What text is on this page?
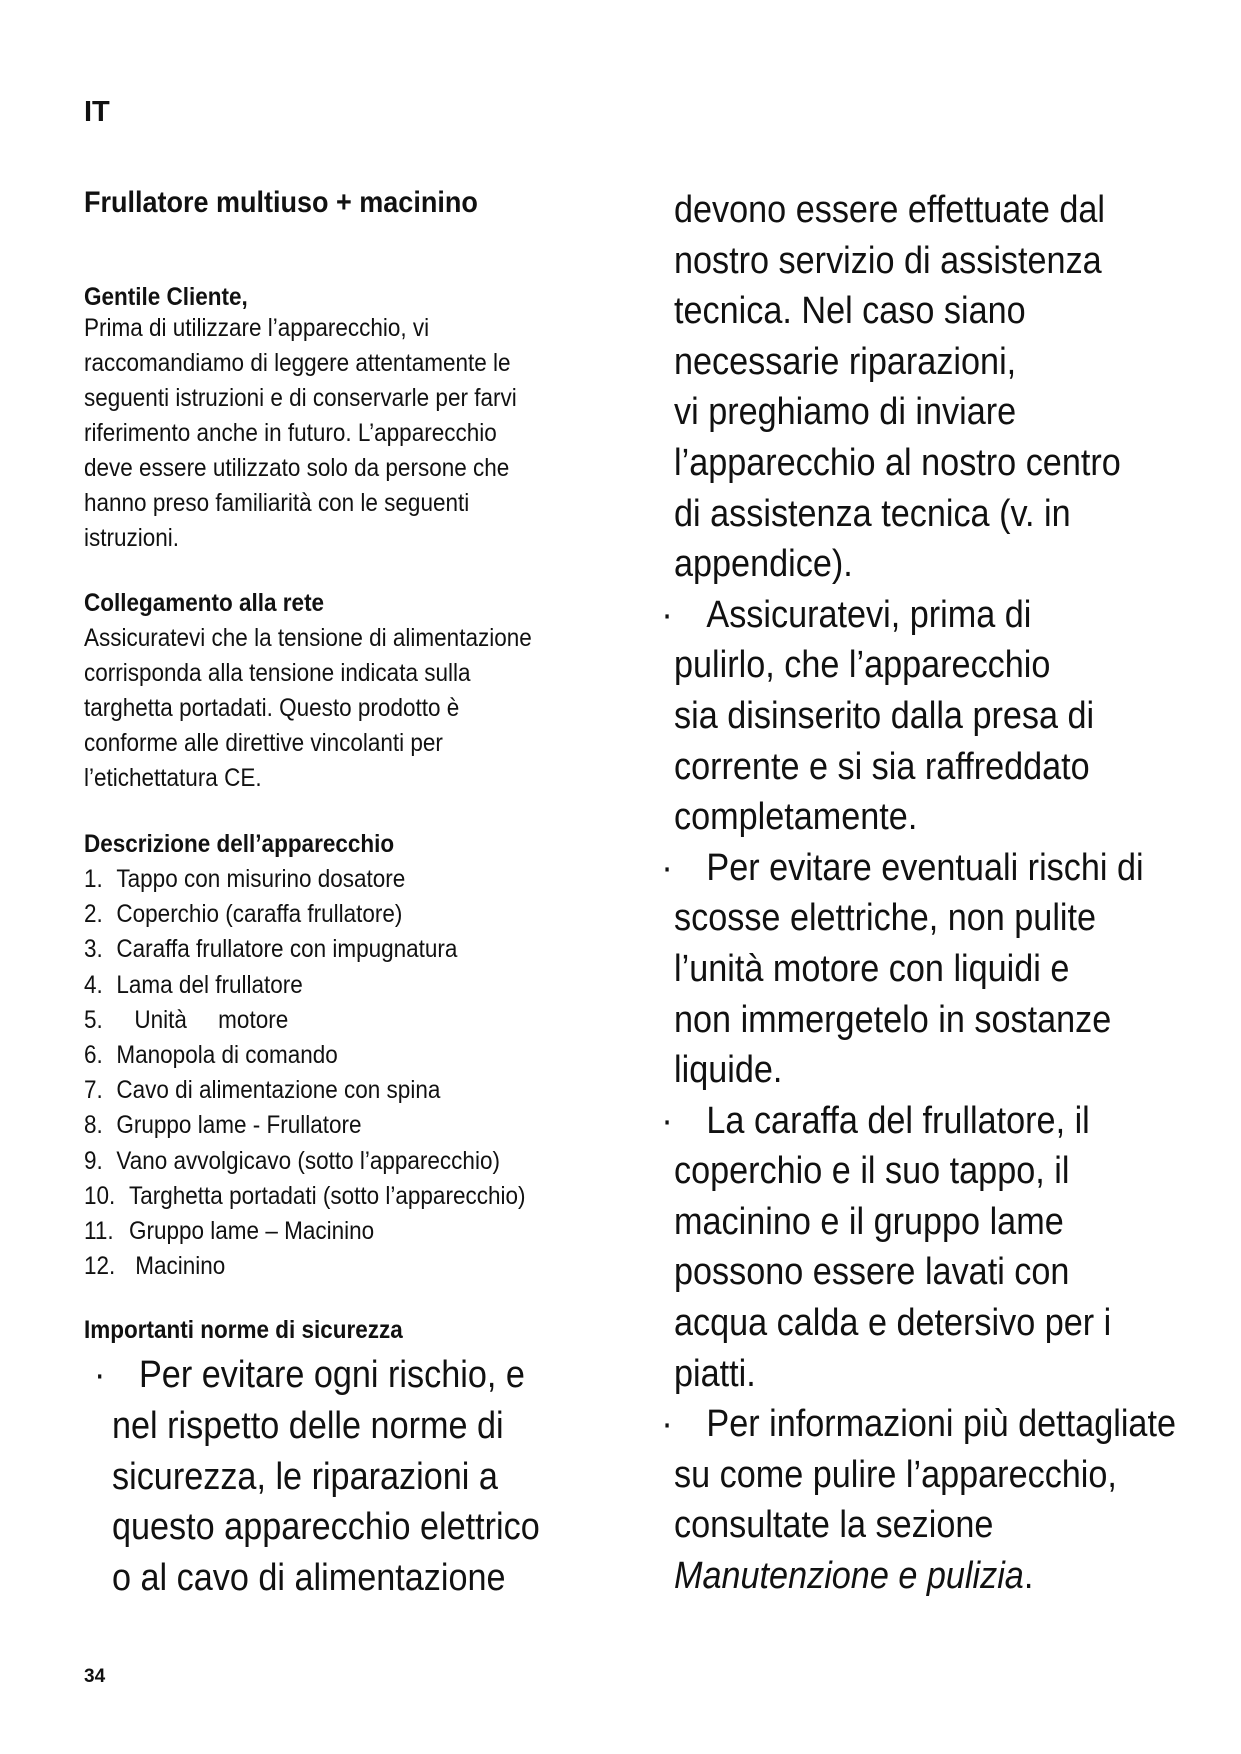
IT
Frullatore multiuso + macinino
Gentile Cliente,
Prima di utilizzare l’apparecchio, vi
raccomandiamo di leggere attentamente le
seguenti istruzioni e di conservarle per farvi
riferimento anche in futuro. L’apparecchio
deve essere utilizzato solo da persone che
hanno preso familiarità con le seguenti
istruzioni.
Collegamento alla rete
Assicuratevi che la tensione di alimentazione
corrisponda alla tensione indicata sulla
targhetta portadati. Questo prodotto è
conforme alle direttive vincolanti per
l’etichettatura CE.
Descrizione dell’apparecchio
1. Tappo con misurino dosatore
2. Coperchio (caraffa frullatore)
3. Caraffa frullatore con impugnatura
4. Lama del frullatore
5. Unità     motore
6. Manopola di comando
7. Cavo di alimentazione con spina
8. Gruppo lame - Frullatore
9. Vano avvolgicavo (sotto l’apparecchio)
10. Targhetta portadati (sotto l’apparecchio)
11. Gruppo lame – Macinino
12. Macinino
Importanti norme di sicurezza
· Per evitare ogni rischio, e
nel rispetto delle norme di
sicurezza, le riparazioni a
questo apparecchio elettrico
o al cavo di alimentazione
devono essere effettuate dal
nostro servizio di assistenza
tecnica. Nel caso siano
necessarie riparazioni,
vi preghiamo di inviare
l’apparecchio al nostro centro
di assistenza tecnica (v. in
appendice).
· Assicuratevi, prima di
pulirlo, che l’apparecchio
sia disinserito dalla presa di
corrente e si sia raffreddato
completamente.
· Per evitare eventuali rischi di
scosse elettriche, non pulite
l’unità motore con liquidi e
non immergetelo in sostanze
liquide.
· La caraffa del frullatore, il
coperchio e il suo tappo, il
macinino e il gruppo lame
possono essere lavati con
acqua calda e detersivo per i
piatti.
· Per informazioni più dettagliate
su come pulire l’apparecchio,
consultate la sezione
Manutenzione e pulizia.
34
